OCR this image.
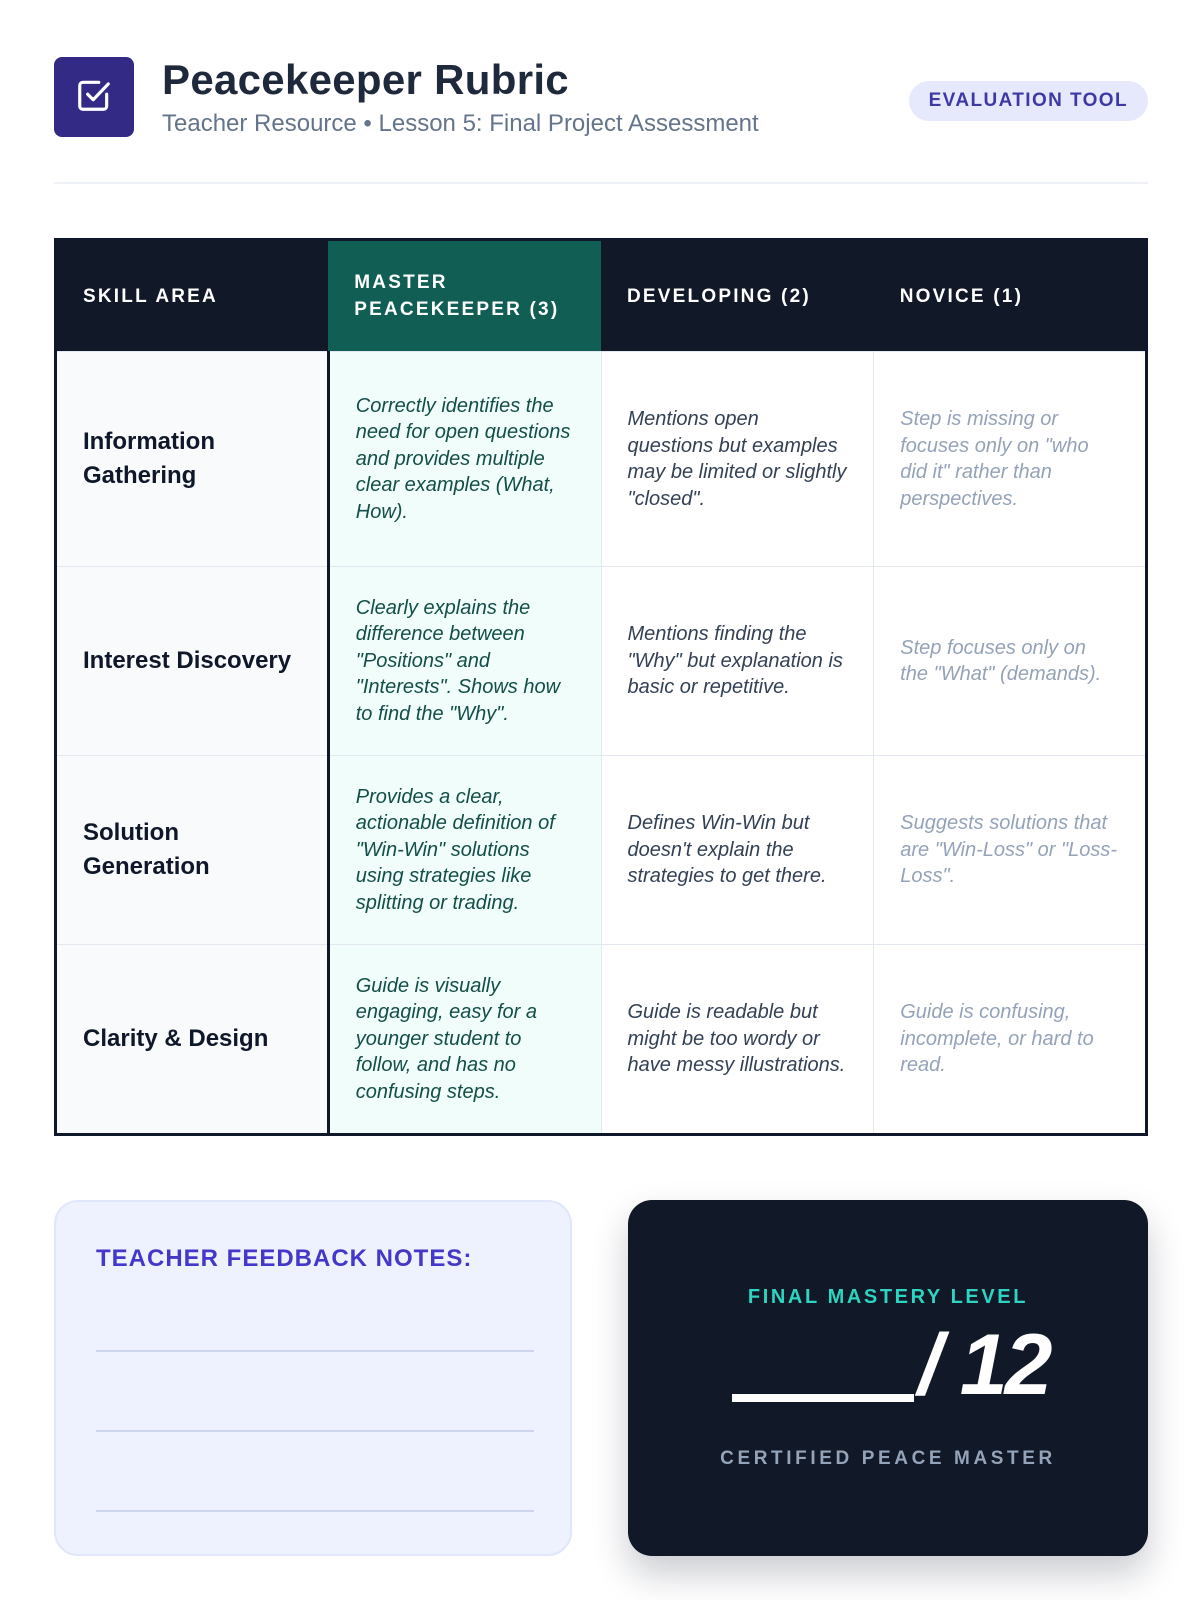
Peacekeeper Rubric
Teacher Resource • Lesson 5: Final Project Assessment
EVALUATION TOOL
SKILL AREA	MASTER PEACEKEEPER (3)	DEVELOPING (2)	NOVICE (1)
Information Gathering	Correctly identifies the need for open questions and provides multiple clear examples (What, How).	Mentions open questions but examples may be limited or slightly "closed".	Step is missing or focuses only on "who did it" rather than perspectives.
Interest Discovery	Clearly explains the difference between "Positions" and "Interests". Shows how to find the "Why".	Mentions finding the "Why" but explanation is basic or repetitive.	Step focuses only on the "What" (demands).
Solution Generation	Provides a clear, actionable definition of "Win-Win" solutions using strategies like splitting or trading.	Defines Win-Win but doesn't explain the strategies to get there.	Suggests solutions that are "Win-Loss" or "Loss-Loss".
Clarity & Design	Guide is visually engaging, easy for a younger student to follow, and has no confusing steps.	Guide is readable but might be too wordy or have messy illustrations.	Guide is confusing, incomplete, or hard to read.
TEACHER FEEDBACK NOTES:
FINAL MASTERY LEVEL
/ 12
CERTIFIED PEACE MASTER
